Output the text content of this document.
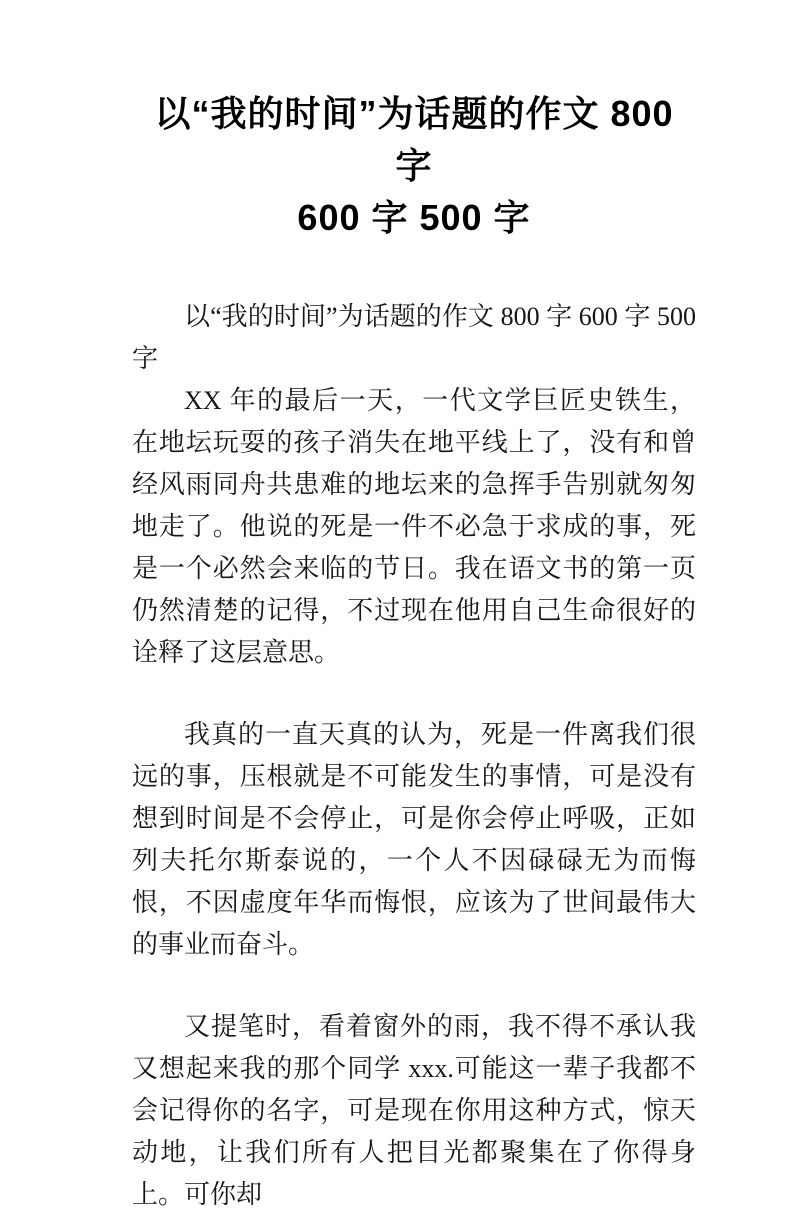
以“我的时间”为话题的作文 800 字
600 字 500 字

以“我的时间”为话题的作文 800 字 600 字 500 字

XX 年的最后一天，一代文学巨匠史铁生，在地坛玩耍的孩子消失在地平线上了，没有和曾经风雨同舟共患难的地坛来的急挥手告别就匆匆地走了。他说的死是一件不必急于求成的事，死是一个必然会来临的节日。我在语文书的第一页仍然清楚的记得，不过现在他用自己生命很好的诠释了这层意思。

我真的一直天真的认为，死是一件离我们很远的事，压根就是不可能发生的事情，可是没有想到时间是不会停止，可是你会停止呼吸，正如列夫托尔斯泰说的，一个人不因碌碌无为而悔恨，不因虚度年华而悔恨，应该为了世间最伟大的事业而奋斗。

又提笔时，看着窗外的雨，我不得不承认我又想起来我的那个同学 xxx.可能这一辈子我都不会记得你的名字，可是现在你用这种方式，惊天动地，让我们所有人把目光都聚集在了你得身上。可你却
